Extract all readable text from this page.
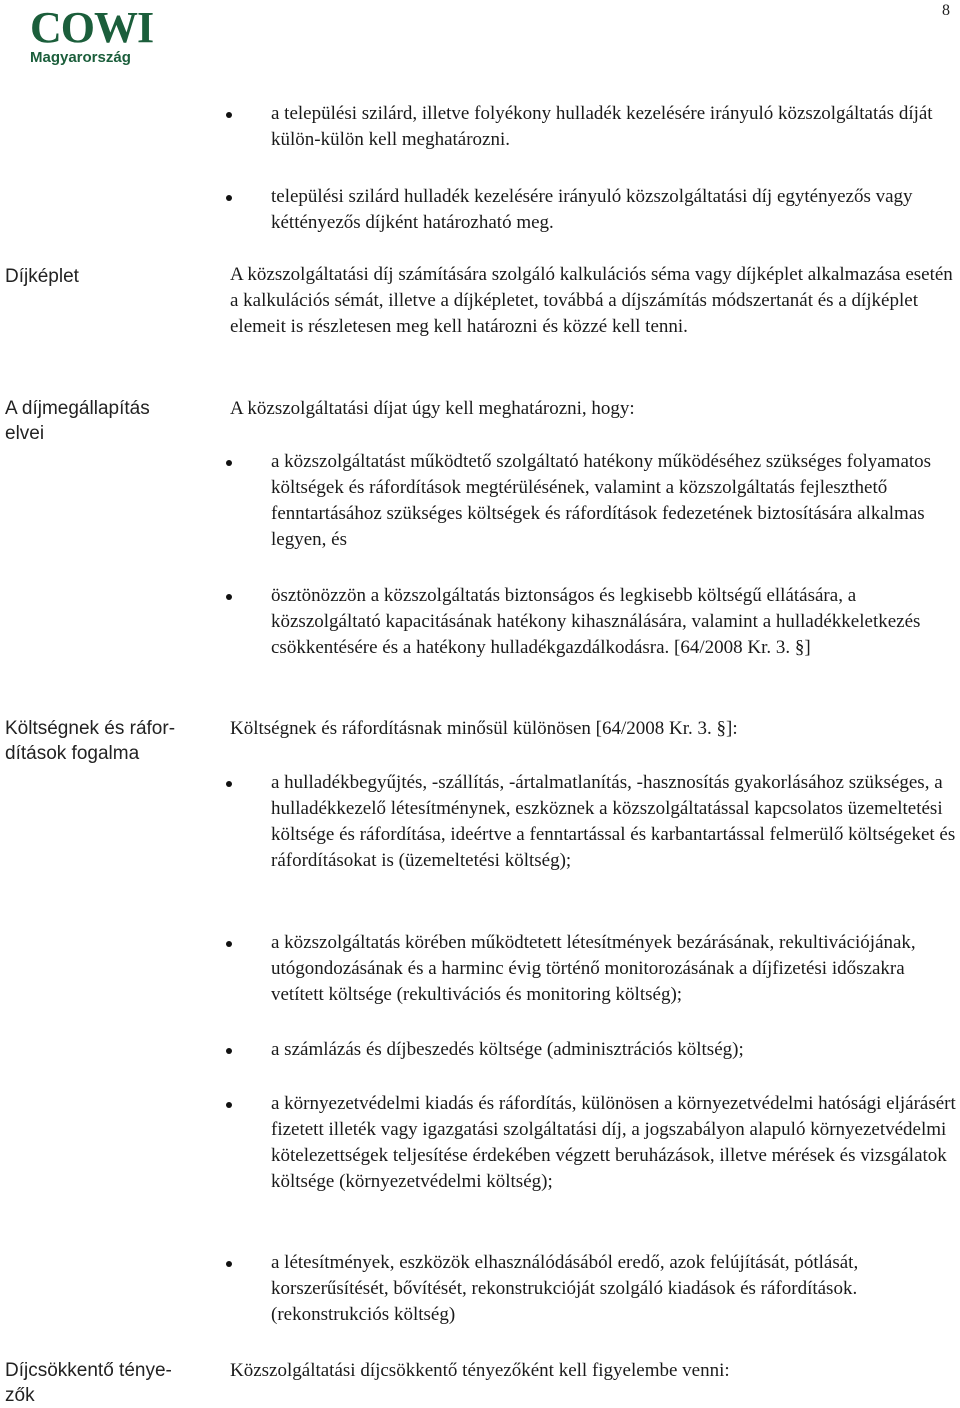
COWI
Magyarország
8
a települési szilárd, illetve folyékony hulladék kezelésére irányuló közszolgáltatás díját külön-külön kell meghatározni.
települési szilárd hulladék kezelésére irányuló közszolgáltatási díj egytényezős vagy kéttényezős díjként határozható meg.
Díjképlet	A közszolgáltatási díj számítására szolgáló kalkulációs séma vagy díjképlet alkalmazása esetén a kalkulációs sémát, illetve a díjképletet, továbbá a díjszámítás módszertanát és a díjképlet elemeit is részletesen meg kell határozni és közzé kell tenni.
A díjmegállapítás elvei
A közszolgáltatási díjat úgy kell meghatározni, hogy:
a közszolgáltatást működtető szolgáltató hatékony működéséhez szükséges folyamatos költségek és ráfordítások megtérülésének, valamint a közszolgáltatás fejleszthető fenntartásához szükséges költségek és ráfordítások fedezetének biztosítására alkalmas legyen, és
ösztönözzön a közszolgáltatás biztonságos és legkisebb költségű ellátására, a közszolgáltató kapacitásának hatékony kihasználására, valamint a hulladékkeletkezés csökkentésére és a hatékony hulladékgazdálkodásra. [64/2008 Kr. 3. §]
Költségnek és ráfordítások fogalma
Költségnek és ráfordításnak minősül különösen [64/2008 Kr. 3. §]:
a hulladékbegyűjtés, -szállítás, -ártalmatlanítás, -hasznosítás gyakorlásához szükséges, a hulladékkezelő létesítménynek, eszköznek a közszolgáltatással kapcsolatos üzemeltetési költsége és ráfordítása, ideértve a fenntartással és karbantartással felmerülő költségeket és ráfordításokat is (üzemeltetési költség);
a közszolgáltatás körében működtetett létesítmények bezárásának, rekultivációjának, utógondozásának és a harminc évig történő monitorozásának a díjfizetési időszakra vetített költsége (rekultivációs és monitoring költség);
a számlázás és díjbeszedés költsége (adminisztrációs költség);
a környezetvédelmi kiadás és ráfordítás, különösen a környezetvédelmi hatósági eljárásért fizetett illeték vagy igazgatási szolgáltatási díj, a jogszabályon alapuló környezetvédelmi kötelezettségek teljesítése érdekében végzett beruházások, illetve mérések és vizsgálatok költsége (környezetvédelmi költség);
a létesítmények, eszközök elhasználódásából eredő, azok felújítását, pótlását, korszerűsítését, bővítését, rekonstrukcióját szolgáló kiadások és ráfordítások. (rekonstrukciós költség)
Díjcsökkentő tényezők
Közszolgáltatási díjcsökkentő tényezőként kell figyelembe venni:
